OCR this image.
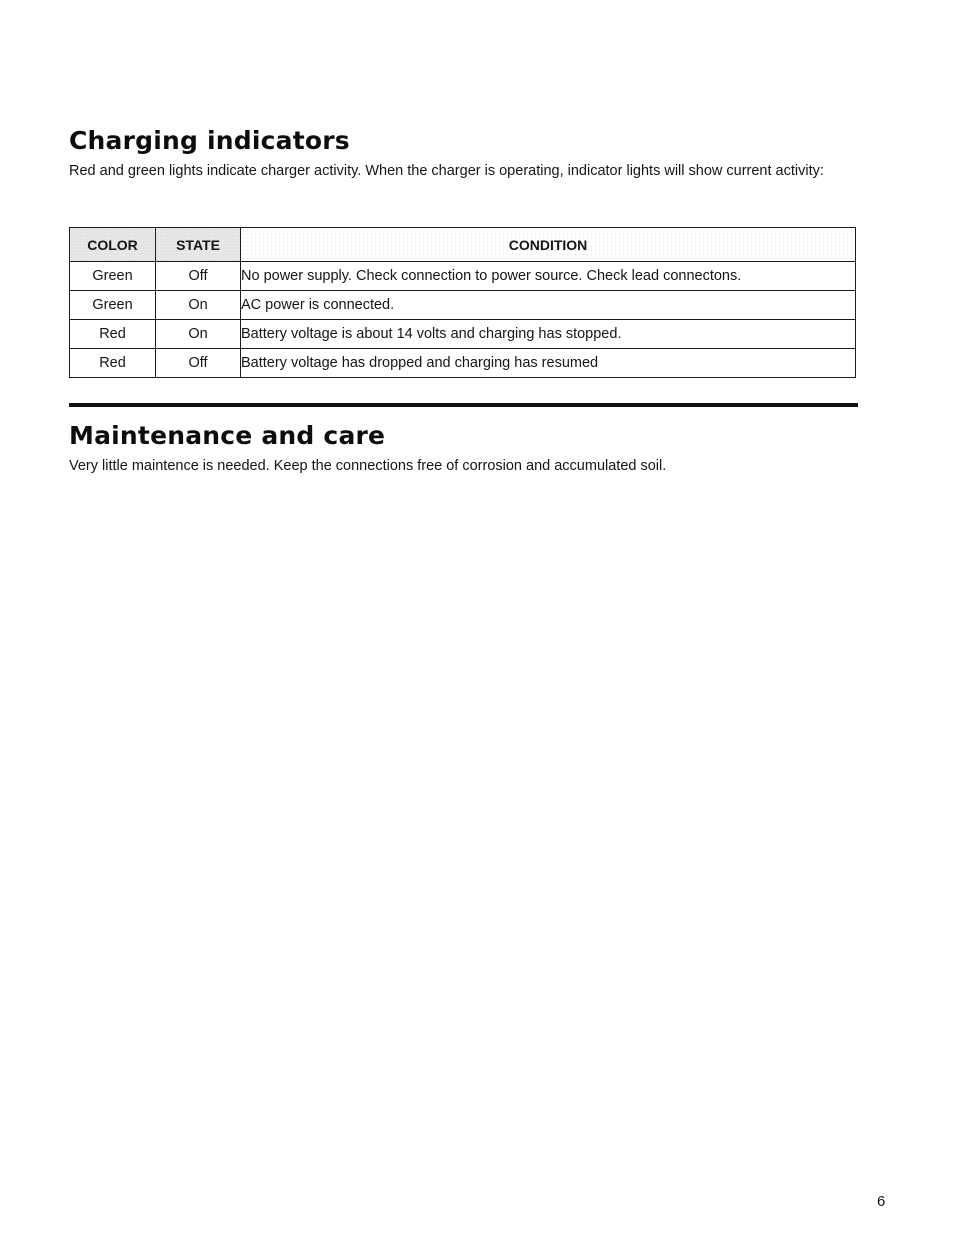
Charging indicators

Red and green lights indicate charger activity. When the charger is operating, indicator lights will show current activity:

COLOR	STATE	CONDITION
Green	Off	No power supply. Check connection to power source. Check lead connectons.
Green	On	AC power is connected.
Red	On	Battery voltage is about 14 volts and charging has stopped.
Red	Off	Battery voltage has dropped and charging has resumed
Maintenance and care

Very little maintence is needed. Keep the connections free of corrosion and accumulated soil.

6
